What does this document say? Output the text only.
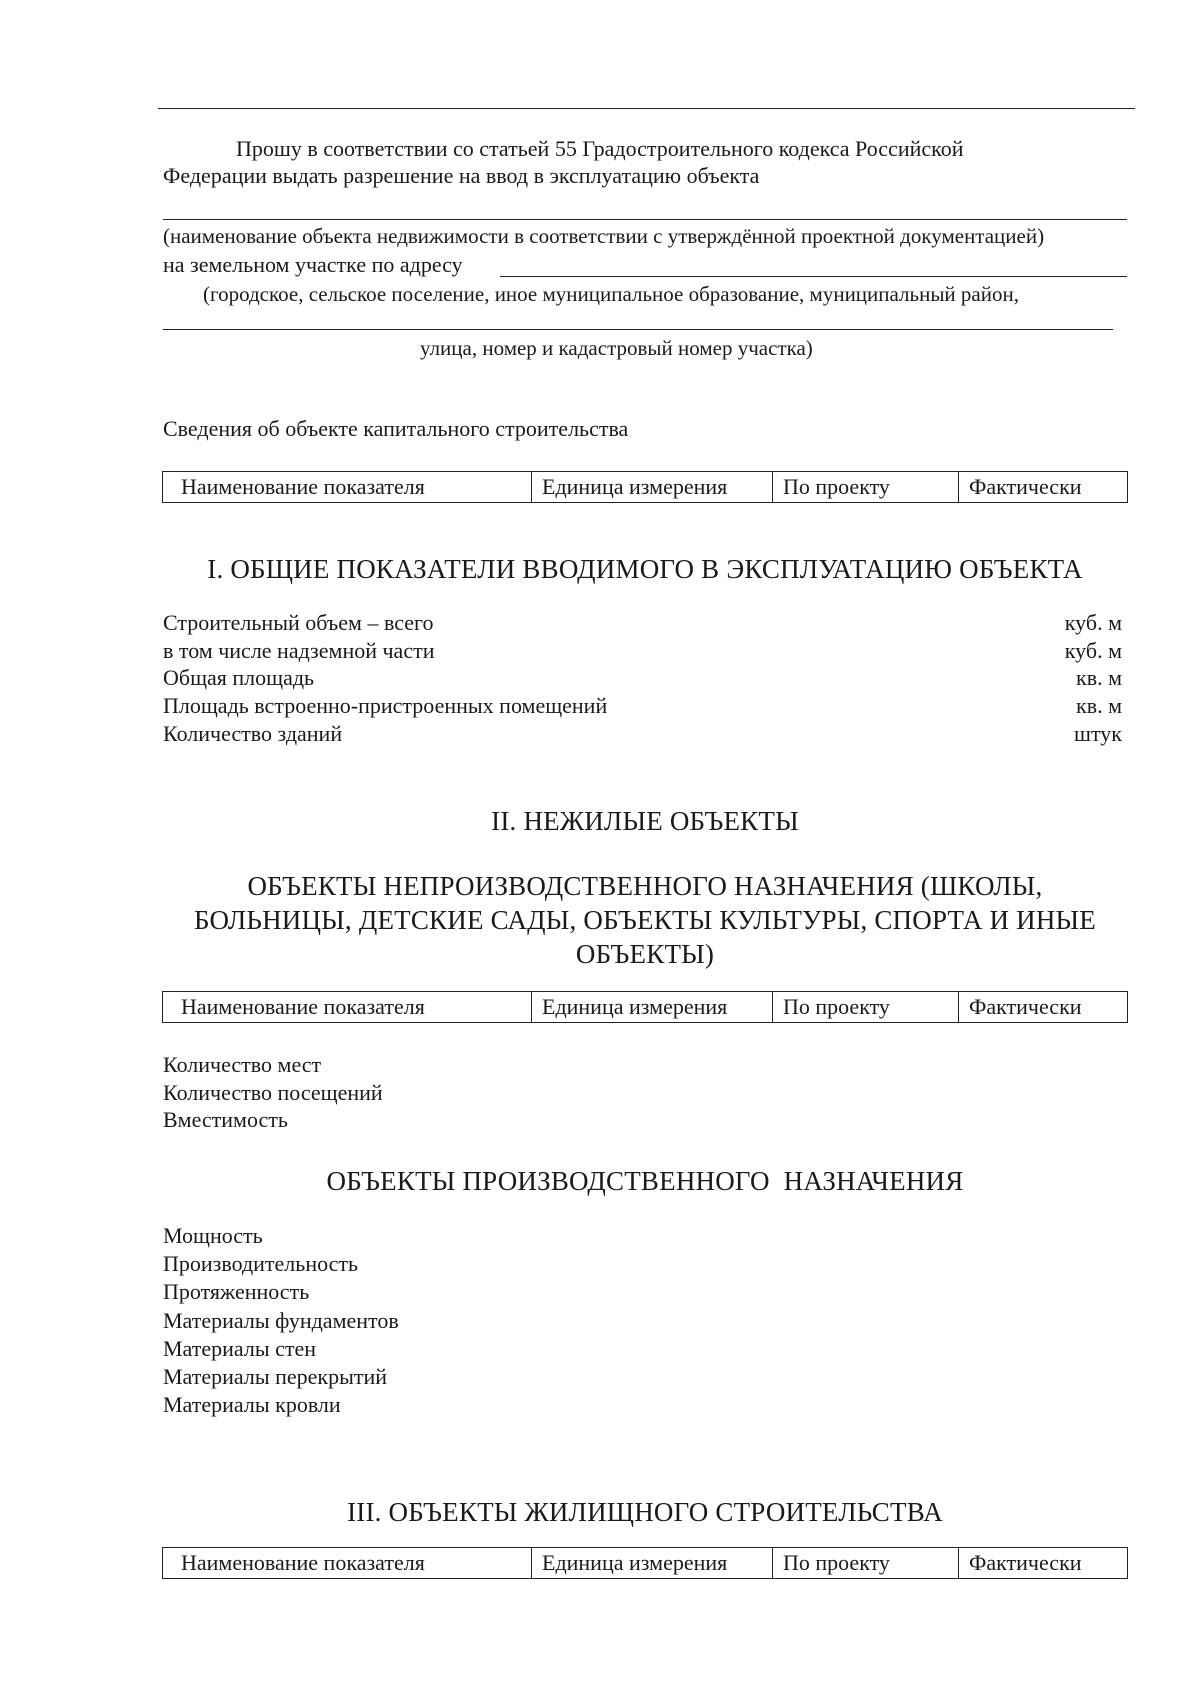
Прошу в соответствии со статьей 55 Градостроительного кодекса Российской
Федерации выдать разрешение на ввод в эксплуатацию объекта
(наименование объекта недвижимости в соответствии с утверждённой проектной документацией)
на земельном участке по адресу
(городское, сельское поселение, иное муниципальное образование, муниципальный район,
улица, номер и кадастровый номер участка)
Сведения об объекте капитального строительства
Наименование показателя	Единица измерения	По проекту	Фактически
I. ОБЩИЕ ПОКАЗАТЕЛИ ВВОДИМОГО В ЭКСПЛУАТАЦИЮ ОБЪЕКТА
Строительный объем – всего	куб. м
в том числе надземной части	куб. м
Общая площадь	кв. м
Площадь встроенно-пристроенных помещений	кв. м
Количество зданий	штук
II. НЕЖИЛЫЕ ОБЪЕКТЫ
ОБЪЕКТЫ НЕПРОИЗВОДСТВЕННОГО НАЗНАЧЕНИЯ (ШКОЛЫ,
БОЛЬНИЦЫ, ДЕТСКИЕ САДЫ, ОБЪЕКТЫ КУЛЬТУРЫ, СПОРТА И ИНЫЕ
ОБЪЕКТЫ)
Наименование показателя	Единица измерения	По проекту	Фактически
Количество мест
Количество посещений
Вместимость
ОБЪЕКТЫ ПРОИЗВОДСТВЕННОГО  НАЗНАЧЕНИЯ
Мощность
Производительность
Протяженность
Материалы фундаментов
Материалы стен
Материалы перекрытий
Материалы кровли
III. ОБЪЕКТЫ ЖИЛИЩНОГО СТРОИТЕЛЬСТВА
Наименование показателя	Единица измерения	По проекту	Фактически
